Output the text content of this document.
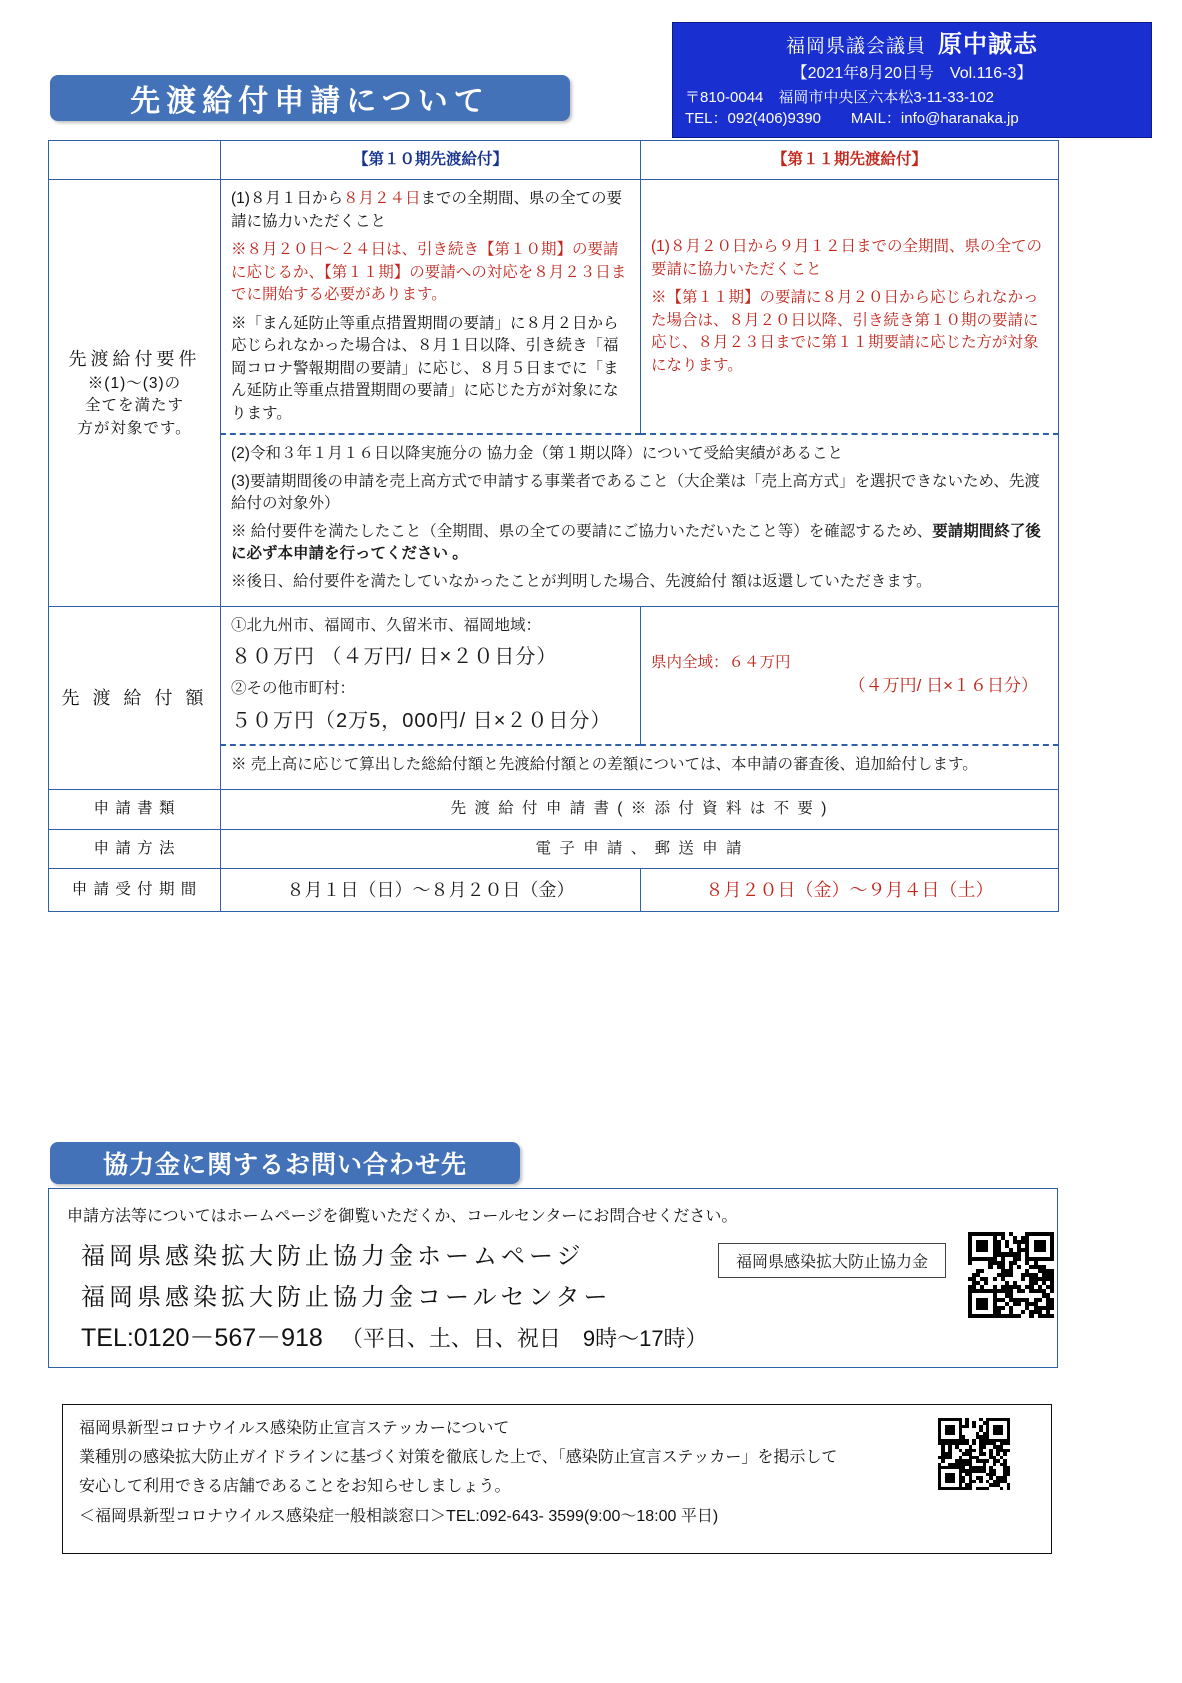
福岡県議会議員 原中誠志
【2021年8月20日号　Vol.116-3】
〒810-0044　福岡市中央区六本松3-11-33-102
TEL：092(406)9390　　MAIL：info@haranaka.jp
先渡給付申請について
	【第１０期先渡給付】	【第１１期先渡給付】

先渡給付要件
※(1)～(3)の
全てを満たす
方が対象です。

(1)８月１日から８月２４日までの全期間、県の全ての要請に協力いただくこと

※８月２０日～２４日は、引き続き【第１０期】の要請に応じるか、【第１１期】の要請への対応を８月２３日までに開始する必要があります。

※「まん延防止等重点措置期間の要請」に８月２日から応じられなかった場合は、８月１日以降、引き続き「福岡コロナ警報期間の要請」に応じ、８月５日までに「まん延防止等重点措置期間の要請」に応じた方が対象になります。

(1)８月２０日から９月１２日までの全期間、県の全ての要請に協力いただくこと

※【第１１期】の要請に８月２０日から応じられなかった場合は、８月２０日以降、引き続き第１０期の要請に応じ、８月２３日までに第１１期要請に応じた方が対象になります。

	(2)令和３年１月１６日以降実施分の 協力金（第１期以降）について受給実績があること

(3)要請期間後の申請を売上高方式で申請する事業者であること（大企業は「売上高方式」を選択できないため、先渡給付の対象外）

※ 給付要件を満たしたこと（全期間、県の全ての要請にご協力いただいたこと等）を確認するため、要請期間終了後に必ず本申請を行ってください 。

※後日、給付要件を満たしていなかったことが判明した場合、先渡給付 額は返還していただきます。	

先 渡 給 付 額

①北九州市、福岡市、久留米市、福岡地域：

８０万円 （４万円/ 日×２０日分）

②その他市町村：

５０万円（2万5，000円/ 日×２０日分）

	県内全域：６４万円
（４万円/ 日×１６日分）

	※ 売上高に応じて算出した総給付額と先渡給付額との差額については、本申請の審査後、追加給付します。	

申 請 書 類	先 渡 給 付 申 請 書 ( ※ 添 付 資 料 は 不 要 )	
申 請 方 法	電 子 申 請 、 郵 送 申 請	
申 請 受 付 期 間	８月１日（日）～８月２０日（金）	８月２０日（金）～９月４日（土）
協力金に関するお問い合わせ先

申請方法等についてはホームページを御覧いただくか、コールセンターにお問合せください。

福岡県感染拡大防止協力金ホームページ

福岡県感染拡大防止協力金コールセンター

TEL:0120－567－918 （平日、土、日、祝日　9時～17時）

福岡県感染拡大防止協力金

福岡県新型コロナウイルス感染防止宣言ステッカーについて

業種別の感染拡大防止ガイドラインに基づく対策を徹底した上で、「感染防止宣言ステッカー」を掲示して

安心して利用できる店舗であることをお知らせしましょう。

＜福岡県新型コロナウイルス感染症一般相談窓口＞TEL:092-643- 3599(9:00～18:00 平日)
